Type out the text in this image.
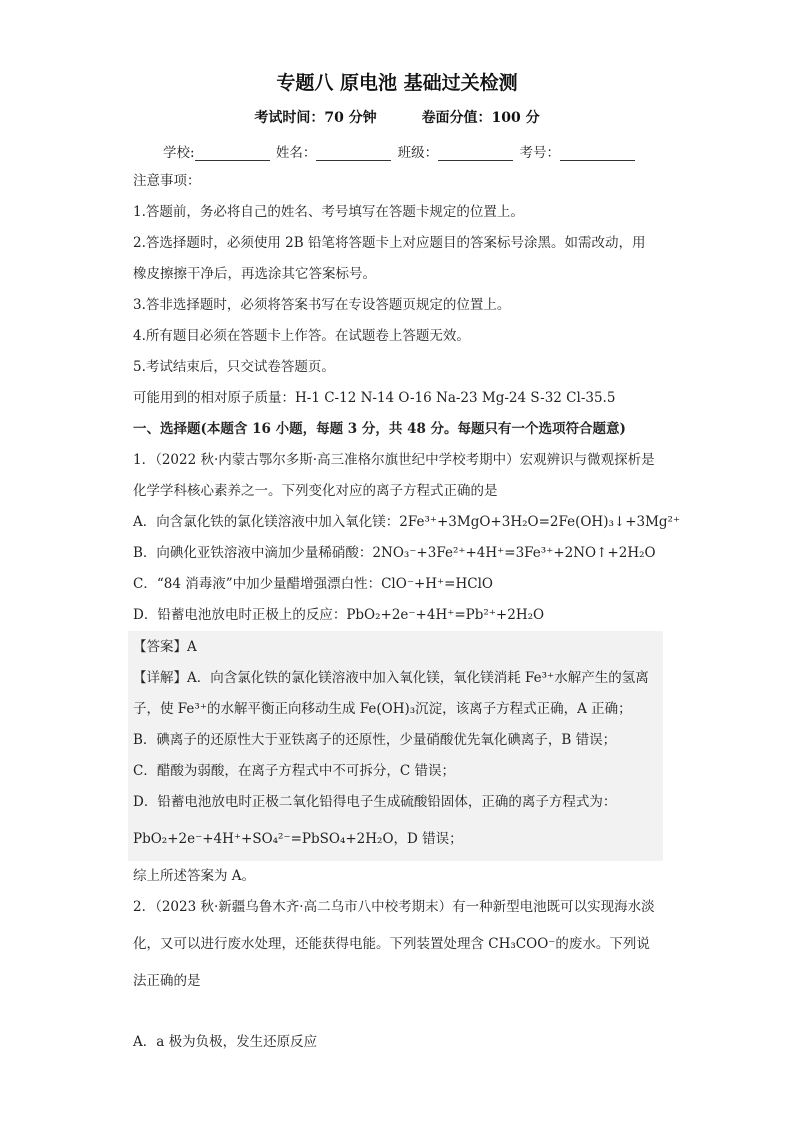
专题八 原电池 基础过关检测
考试时间：70 分钟	卷面分值：100 分
学校:	姓名：	班级：	考号：
注意事项：
1.答题前，务必将自己的姓名、考号填写在答题卡规定的位置上。
2.答选择题时，必须使用 2B 铅笔将答题卡上对应题目的答案标号涂黑。如需改动，用
橡皮擦擦干净后，再选涂其它答案标号。
3.答非选择题时，必须将答案书写在专设答题页规定的位置上。
4.所有题目必须在答题卡上作答。在试题卷上答题无效。
5.考试结束后，只交试卷答题页。
可能用到的相对原子质量：H-1 C-12 N-14 O-16 Na-23 Mg-24 S-32 Cl-35.5
一、选择题(本题含 16 小题，每题 3 分，共 48 分。每题只有一个选项符合题意)
1．（2022 秋·内蒙古鄂尔多斯·高三准格尔旗世纪中学校考期中）宏观辨识与微观探析是
化学学科核心素养之一。下列变化对应的离子方程式正确的是
A．向含氯化铁的氯化镁溶液中加入氧化镁：2Fe³⁺+3MgO+3H₂O=2Fe(OH)₃↓+3Mg²⁺
B．向碘化亚铁溶液中滴加少量稀硝酸：2NO₃⁻+3Fe²⁺+4H⁺=3Fe³⁺+2NO↑+2H₂O
C．“84 消毒液”中加少量醋增强漂白性：ClO⁻+H⁺=HClO
D．铅蓄电池放电时正极上的反应：PbO₂+2e⁻+4H⁺=Pb²⁺+2H₂O
【答案】A
【详解】A．向含氯化铁的氯化镁溶液中加入氧化镁，氧化镁消耗 Fe³⁺水解产生的氢离
子，使 Fe³⁺的水解平衡正向移动生成 Fe(OH)₃沉淀，该离子方程式正确，A 正确；
B．碘离子的还原性大于亚铁离子的还原性，少量硝酸优先氧化碘离子，B 错误；
C．醋酸为弱酸，在离子方程式中不可拆分，C 错误；
D．铅蓄电池放电时正极二氧化铅得电子生成硫酸铅固体，正确的离子方程式为：
PbO₂+2e⁻+4H⁺+SO₄²⁻=PbSO₄+2H₂O，D 错误；
综上所述答案为 A。
2．（2023 秋·新疆乌鲁木齐·高二乌市八中校考期末）有一种新型电池既可以实现海水淡
化，又可以进行废水处理，还能获得电能。下列装置处理含 CH₃COO⁻的废水。下列说
法正确的是
A．a 极为负极，发生还原反应
